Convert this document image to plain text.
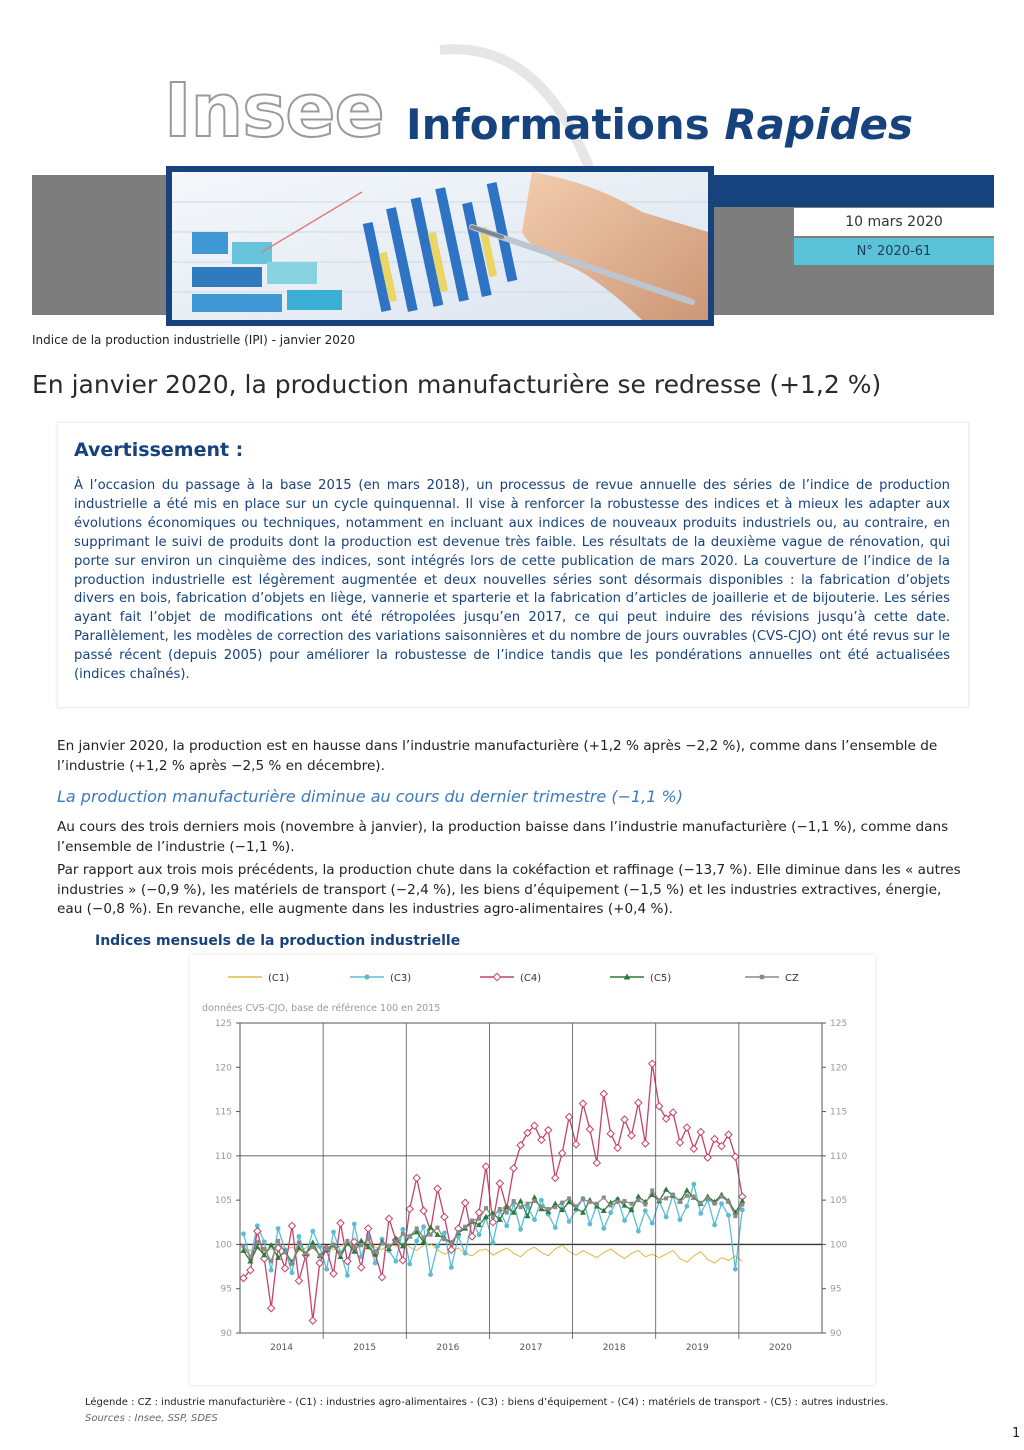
Insee Informations Rapides
10 mars 2020
N° 2020-61
Indice de la production industrielle (IPI) - janvier 2020
En janvier 2020, la production manufacturière se redresse (+1,2 %)
Avertissement :
À l’occasion du passage à la base 2015 (en mars 2018), un processus de revue annuelle des séries de l’indice de production industrielle a été mis en place sur un cycle quinquennal. Il vise à renforcer la robustesse des indices et à mieux les adapter aux évolutions économiques ou techniques, notamment en incluant aux indices de nouveaux produits industriels ou, au contraire, en supprimant le suivi de produits dont la production est devenue très faible. Les résultats de la deuxième vague de rénovation, qui porte sur environ un cinquième des indices, sont intégrés lors de cette publication de mars 2020. La couverture de l’indice de la production industrielle est légèrement augmentée et deux nouvelles séries sont désormais disponibles : la fabrication d’objets divers en bois, fabrication d’objets en liège, vannerie et sparterie et la fabrication d’articles de joaillerie et de bijouterie. Les séries ayant fait l’objet de modifications ont été rétropolées jusqu’en 2017, ce qui peut induire des révisions jusqu’à cette date. Parallèlement, les modèles de correction des variations saisonnières et du nombre de jours ouvrables (CVS-CJO) ont été revus sur le passé récent (depuis 2005) pour améliorer la robustesse de l’indice tandis que les pondérations annuelles ont été actualisées (indices chaînés).
En janvier 2020, la production est en hausse dans l’industrie manufacturière (+1,2 % après −2,2 %), comme dans l’ensemble de l’industrie (+1,2 % après −2,5 % en décembre).
La production manufacturière diminue au cours du dernier trimestre (−1,1 %)
Au cours des trois derniers mois (novembre à janvier), la production baisse dans l’industrie manufacturière (−1,1 %), comme dans l’ensemble de l’industrie (−1,1 %).
Par rapport aux trois mois précédents, la production chute dans la cokéfaction et raffinage (−13,7 %). Elle diminue dans les « autres industries » (−0,9 %), les matériels de transport (−2,4 %), les biens d’équipement (−1,5 %) et les industries extractives, énergie, eau (−0,8 %). En revanche, elle augmente dans les industries agro-alimentaires (+0,4 %).
Indices mensuels de la production industrielle
(C1)	(C3)	(C4)	(C5)	CZ
données CVS-CJO, base de référence 100 en 2015
90	90
95	95
100	100
105	105
110	110
115	115
120	120
125	125
2014	2015	2016	2017	2018	2019	2020
Légende : CZ : industrie manufacturière - (C1) : industries agro-alimentaires - (C3) : biens d’équipement - (C4) : matériels de transport - (C5) : autres industries.
Sources : Insee, SSP, SDES
1
